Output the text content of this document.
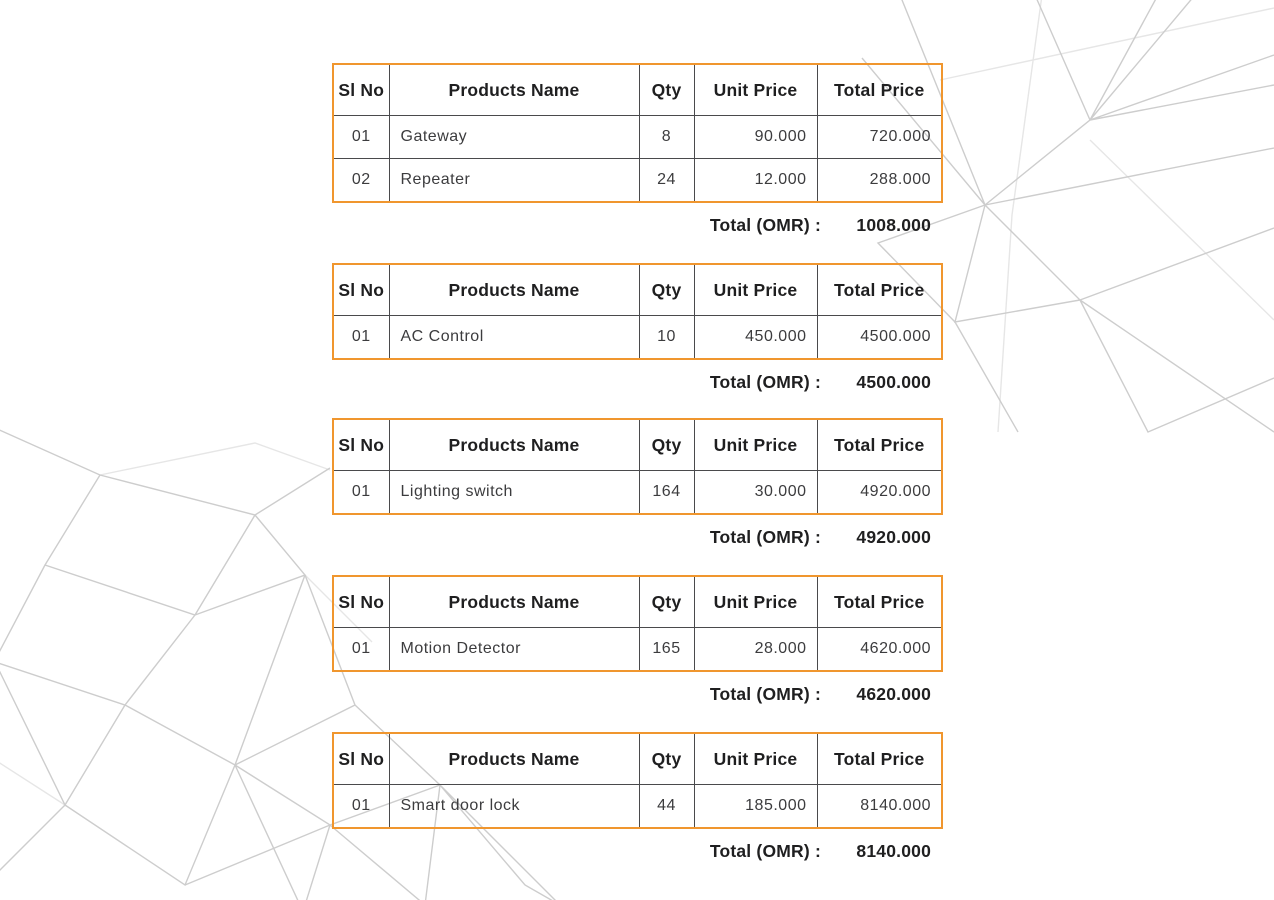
Sl No	Products Name	Qty	Unit Price	Total Price
01	Gateway	8	90.000	720.000
02	Repeater	24	12.000	288.000
Total (OMR) :	1008.000
Sl No	Products Name	Qty	Unit Price	Total Price
01	AC Control	10	450.000	4500.000
Total (OMR) :	4500.000
Sl No	Products Name	Qty	Unit Price	Total Price
01	Lighting switch	164	30.000	4920.000
Total (OMR) :	4920.000
Sl No	Products Name	Qty	Unit Price	Total Price
01	Motion Detector	165	28.000	4620.000
Total (OMR) :	4620.000
Sl No	Products Name	Qty	Unit Price	Total Price
01	Smart door lock	44	185.000	8140.000
Total (OMR) :	8140.000
